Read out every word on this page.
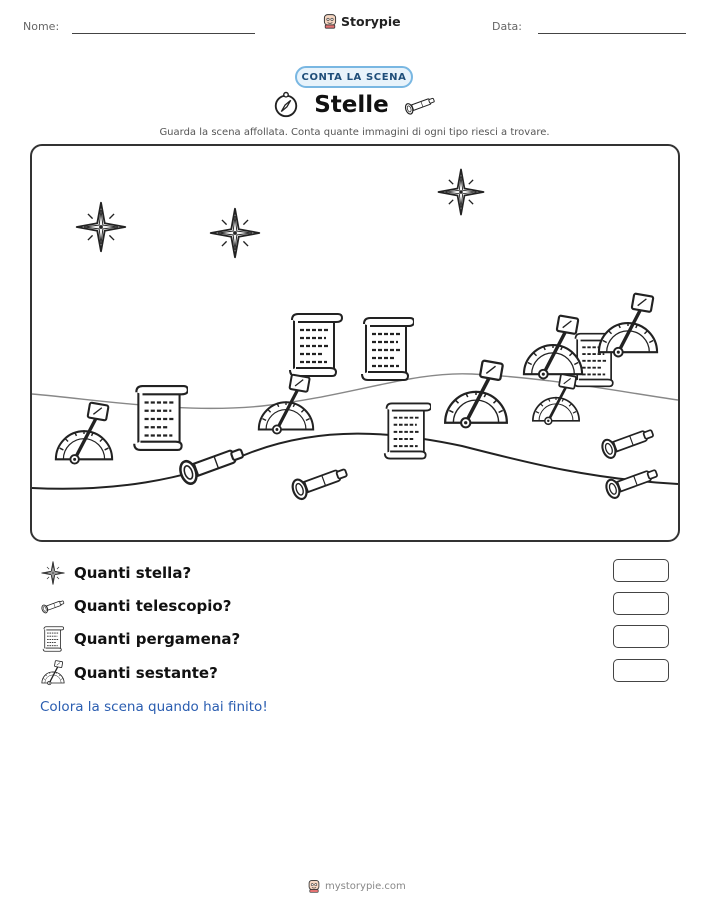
Nome:	Storypie	Data:
CONTA LA SCENA
Stelle
Guarda la scena affollata. Conta quante immagini di ogni tipo riesci a trovare.
Quanti stella?
Quanti telescopio?
Quanti pergamena?
Quanti sestante?
Colora la scena quando hai finito!
mystorypie.com
